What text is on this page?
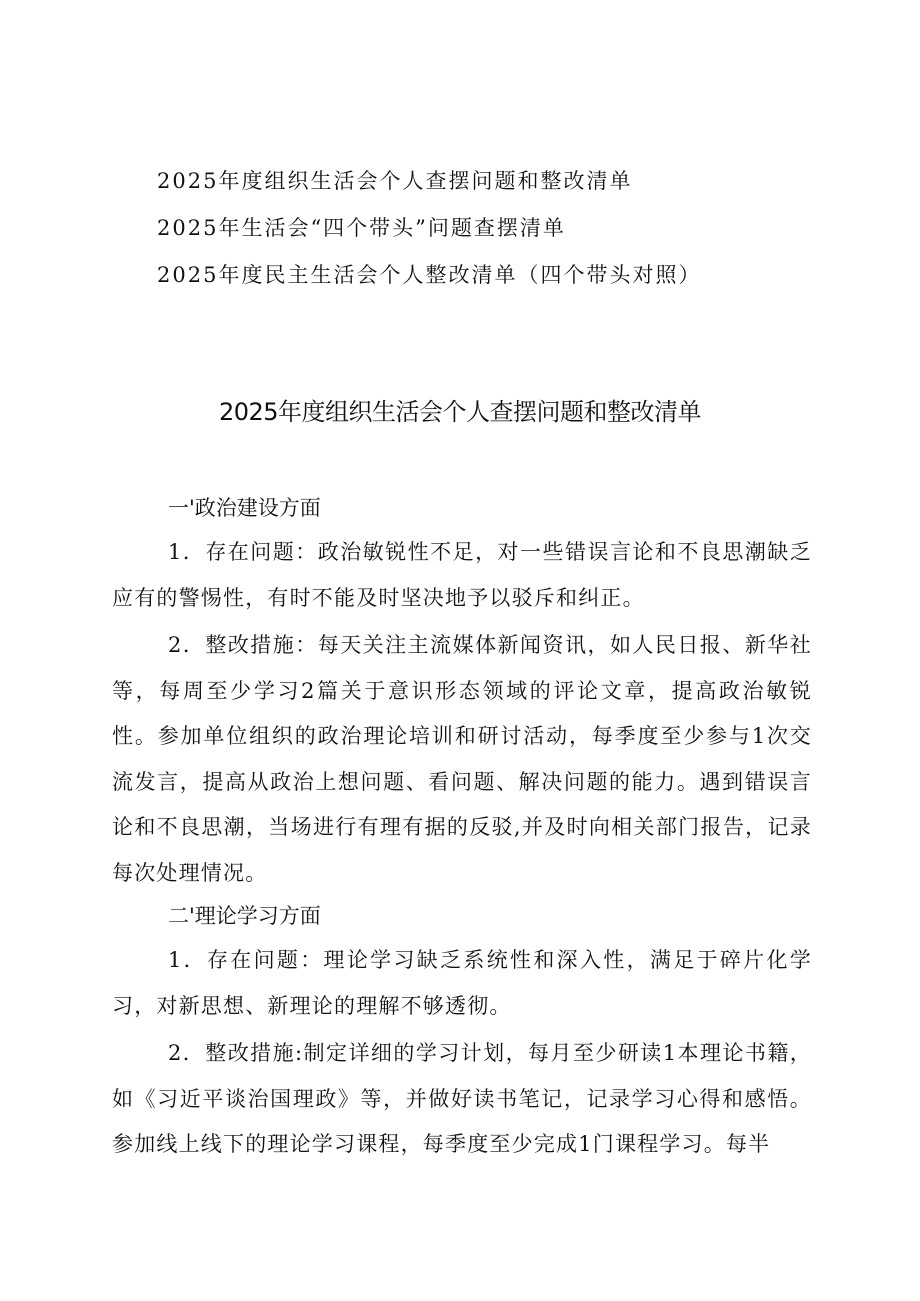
2025年度组织生活会个人查摆问题和整改清单
2025年生活会“四个带头”问题查摆清单
2025年度民主生活会个人整改清单（四个带头对照）
2025年度组织生活会个人查摆问题和整改清单
一'政治建设方面

1．存在问题：政治敏锐性不足，对一些错误言论和不良思潮缺乏应有的警惕性，有时不能及时坚决地予以驳斥和纠正。

2．整改措施：每天关注主流媒体新闻资讯，如人民日报、新华社等，每周至少学习2篇关于意识形态领域的评论文章，提高政治敏锐性。参加单位组织的政治理论培训和研讨活动，每季度至少参与1次交流发言，提高从政治上想问题、看问题、解决问题的能力。遇到错误言论和不良思潮，当场进行有理有据的反驳,并及时向相关部门报告，记录每次处理情况。

二'理论学习方面

1．存在问题：理论学习缺乏系统性和深入性，满足于碎片化学习，对新思想、新理论的理解不够透彻。

2．整改措施:制定详细的学习计划，每月至少研读1本理论书籍，如《习近平谈治国理政》等，并做好读书笔记，记录学习心得和感悟。参加线上线下的理论学习课程，每季度至少完成1门课程学习。每半
